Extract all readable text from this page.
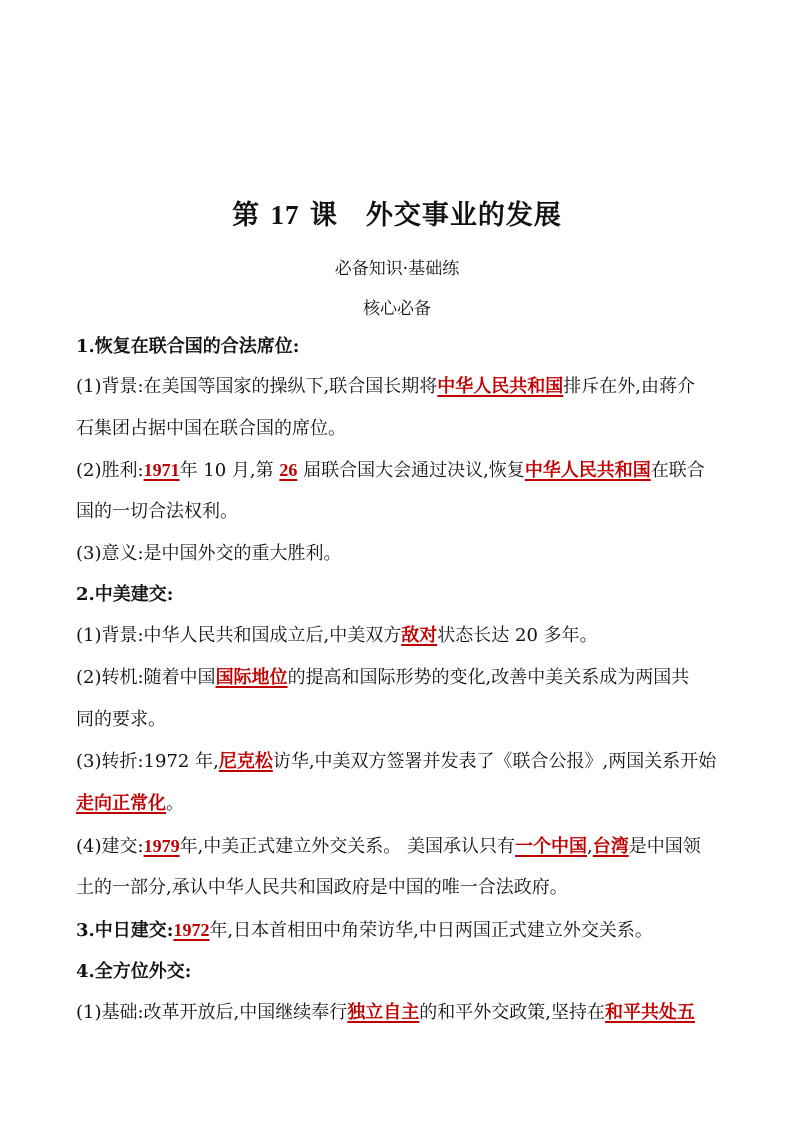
第 17 课　外交事业的发展
必备知识·基础练
核心必备
1.恢复在联合国的合法席位:
(1)背景:在美国等国家的操纵下,联合国长期将中华人民共和国排斥在外,由蒋介
石集团占据中国在联合国的席位。
(2)胜利:1971年 10 月,第 26 届联合国大会通过决议,恢复中华人民共和国在联合
国的一切合法权利。
(3)意义:是中国外交的重大胜利。
2.中美建交:
(1)背景:中华人民共和国成立后,中美双方敌对状态长达 20 多年。
(2)转机:随着中国国际地位的提高和国际形势的变化,改善中美关系成为两国共
同的要求。
(3)转折:1972 年,尼克松访华,中美双方签署并发表了《联合公报》,两国关系开始
走向正常化。
(4)建交:1979年,中美正式建立外交关系。 美国承认只有一个中国,台湾是中国领
土的一部分,承认中华人民共和国政府是中国的唯一合法政府。
3.中日建交:1972年,日本首相田中角荣访华,中日两国正式建立外交关系。
4.全方位外交:
(1)基础:改革开放后,中国继续奉行独立自主的和平外交政策,坚持在和平共处五
